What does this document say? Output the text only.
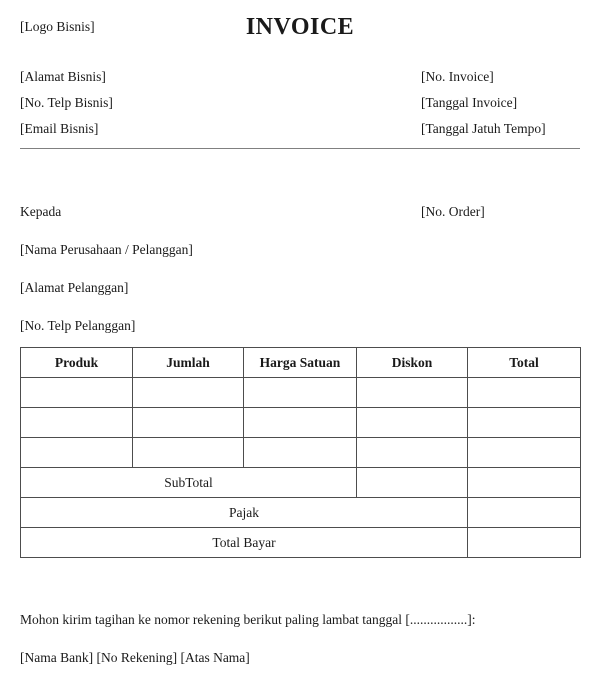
[Logo Bisnis]	INVOICE
[Alamat Bisnis]
[No. Telp Bisnis]
[Email Bisnis]
[No. Invoice]
[Tanggal Invoice]
[Tanggal Jatuh Tempo]
Kepada
[Nama Perusahaan / Pelanggan]
[Alamat Pelanggan]
[No. Telp Pelanggan]
[No. Order]
Produk	Jumlah	Harga Satuan	Diskon	Total

SubTotal				
Pajak				
Total Bayar				
Mohon kirim tagihan ke nomor rekening berikut paling lambat tanggal [.................]:
[Nama Bank] [No Rekening] [Atas Nama]
